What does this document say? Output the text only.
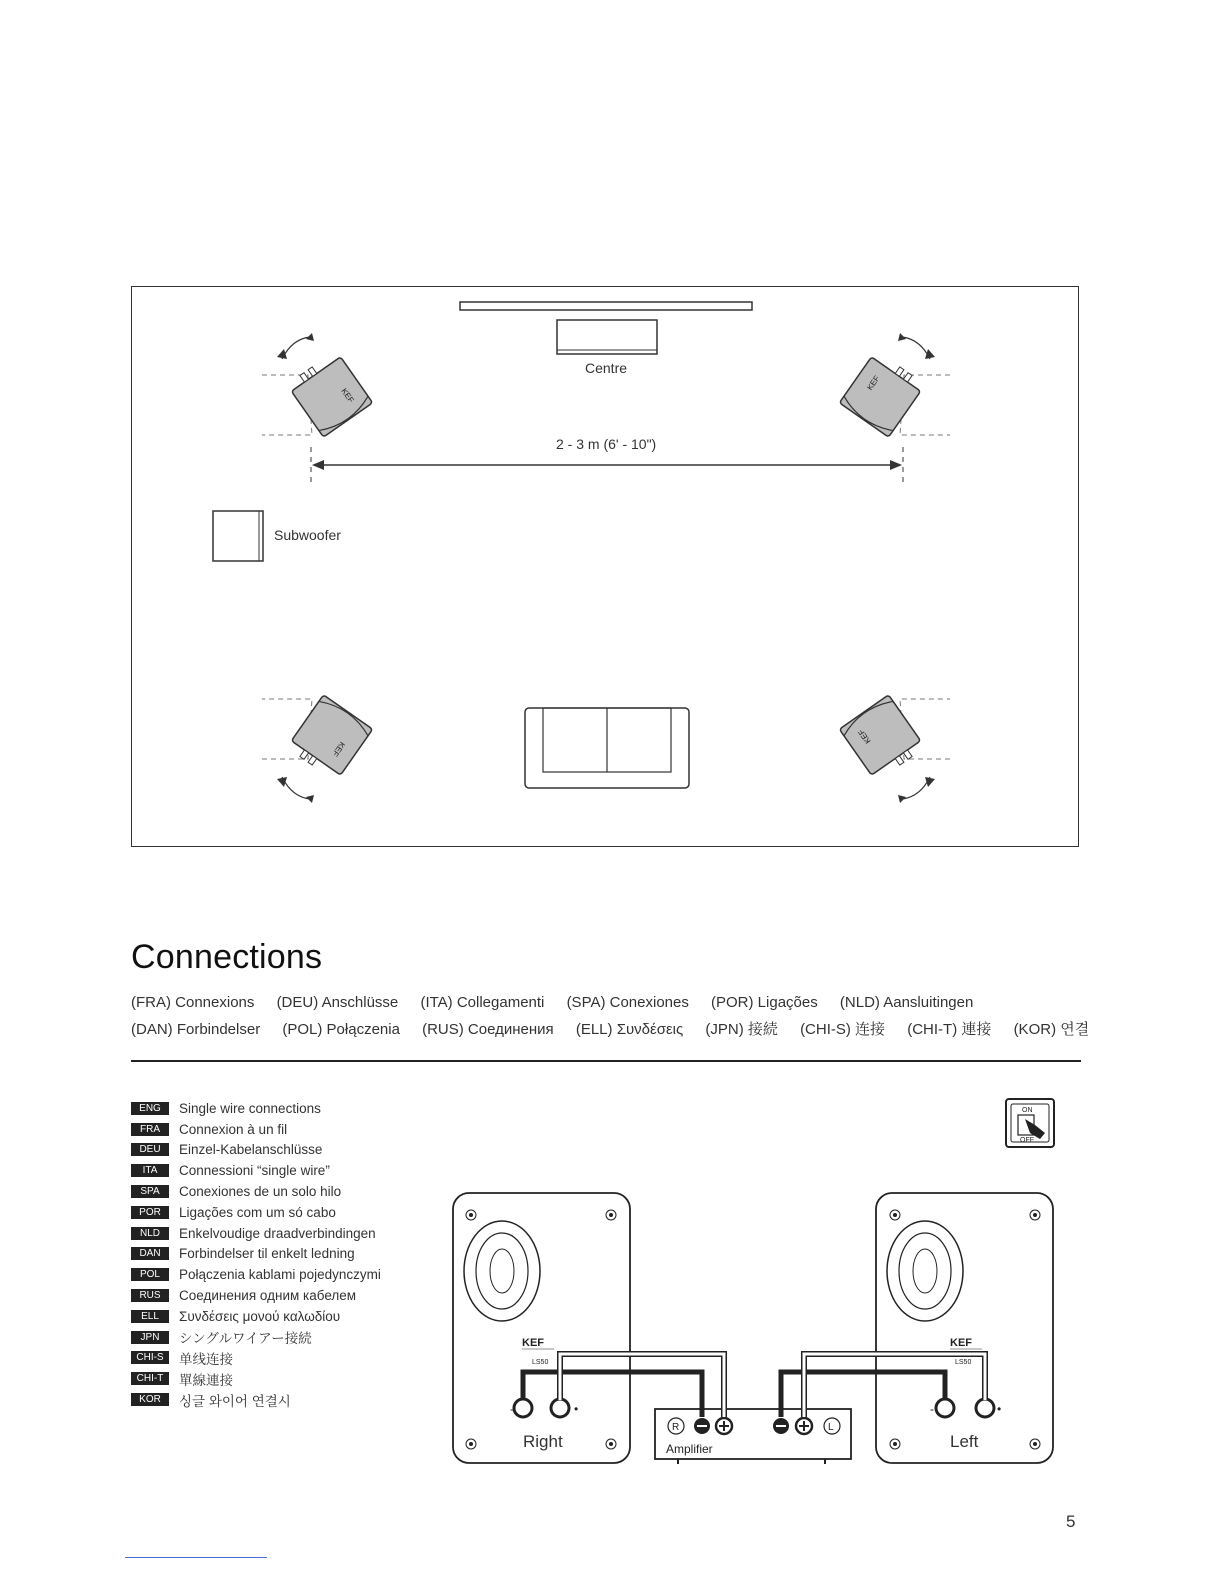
KEF
KEF
KEF
KEF
Centre
2 - 3 m (6' - 10")
Subwoofer
Connections
(FRA) Connexions (DEU) Anschlüsse (ITA) Collegamenti (SPA) Conexiones (POR) Ligações (NLD) Aansluitingen
(DAN) Forbindelser (POL) Połączenia (RUS) Соединения (ELL) Συνδέσεις (JPN) 接続 (CHI-S) 连接 (CHI-T) 連接 (KOR) 연결
ENG	Single wire connections
FRA	Connexion à un fil
DEU	Einzel-Kabelanschlüsse
ITA	Connessioni “single wire”
SPA	Conexiones de un solo hilo
POR	Ligações com um só cabo
NLD	Enkelvoudige draadverbindingen
DAN	Forbindelser til enkelt ledning
POL	Połączenia kablami pojedynczymi
RUS	Соединения одним кабелем
ELL	Συνδέσεις μονού καλωδίου
JPN	シングルワイアー接続
CHI-S	单线连接
CHI-T	單線連接
KOR	싱글 와이어 연결시
ON
OFF
KEF
LS50
-	•
Right
KEF
LS50
-	•
Left
R	L
Amplifier
5
